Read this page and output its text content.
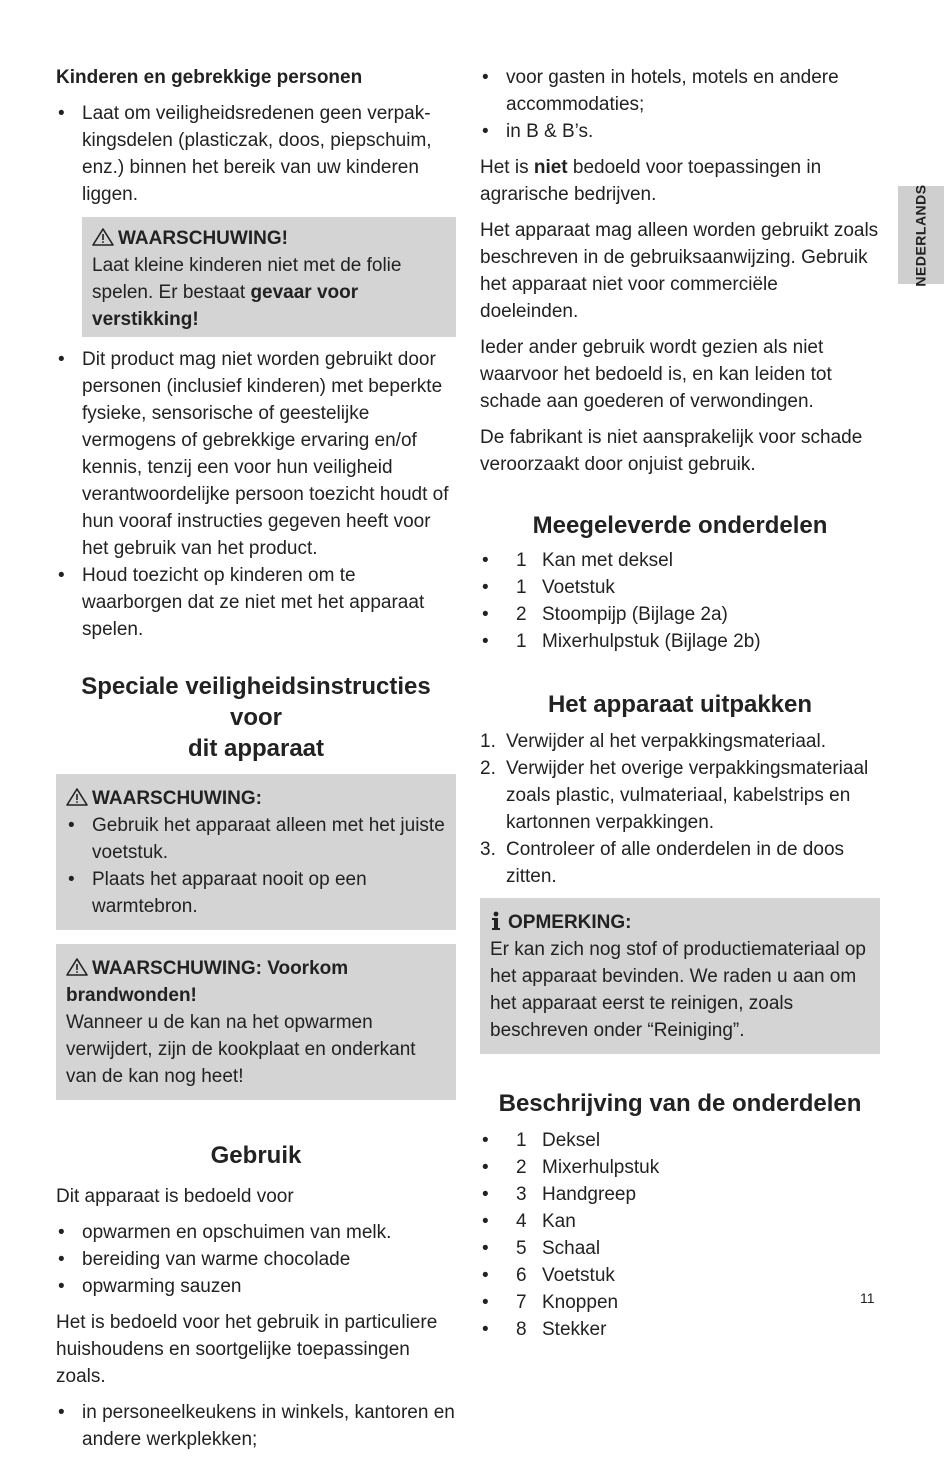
NEDERLANDS
Kinderen en gebrekkige personen
• Laat om veiligheidsredenen geen verpakkingsdelen (plasticzak, doos, piepschuim, enz.) binnen het bereik van uw kinderen liggen.
WAARSCHUWING!
Laat kleine kinderen niet met de folie spelen. Er bestaat gevaar voor verstikking!
• Dit product mag niet worden gebruikt door personen (inclusief kinderen) met beperkte fysieke, sensorische of geestelijke vermogens of gebrekkige ervaring en/of kennis, tenzij een voor hun veiligheid verantwoordelijke persoon toezicht houdt of hun vooraf instructies gegeven heeft voor het gebruik van het product.
• Houd toezicht op kinderen om te waarborgen dat ze niet met het apparaat spelen.
Speciale veiligheidsinstructies voor
dit apparaat
WAARSCHUWING:
• Gebruik het apparaat alleen met het juiste voetstuk.
• Plaats het apparaat nooit op een warmtebron.
WAARSCHUWING: Voorkom brandwonden!
Wanneer u de kan na het opwarmen verwijdert, zijn de kookplaat en onderkant van de kan nog heet!
Gebruik

Dit apparaat is bedoeld voor

• opwarmen en opschuimen van melk.
• bereiding van warme chocolade
• opwarming sauzen

Het is bedoeld voor het gebruik in particuliere huishoudens en soortgelijke toepassingen zoals.

• in personeelkeukens in winkels, kantoren en andere werkplekken;
• voor gasten in hotels, motels en andere accommodaties;
• in B & B’s.

Het is niet bedoeld voor toepassingen in agrarische bedrijven.

Het apparaat mag alleen worden gebruikt zoals beschreven in de gebruiksaanwijzing. Gebruik het apparaat niet voor commerciële doeleinden.

Ieder ander gebruik wordt gezien als niet waarvoor het bedoeld is, en kan leiden tot schade aan goederen of verwondingen.

De fabrikant is niet aansprakelijk voor schade veroorzaakt door onjuist gebruik.

Meegeleverde onderdelen
• 1 Kan met deksel
• 1 Voetstuk
• 2 Stoompijp (Bijlage 2a)
• 1 Mixerhulpstuk (Bijlage 2b)
Het apparaat uitpakken
1. Verwijder al het verpakkingsmateriaal.
2. Verwijder het overige verpakkingsmateriaal zoals plastic, vulmateriaal, kabelstrips en kartonnen verpakkingen.
3. Controleer of alle onderdelen in de doos zitten.
OPMERKING:
Er kan zich nog stof of productiemateriaal op het apparaat bevinden. We raden u aan om het apparaat eerst te reinigen, zoals beschreven onder “Reiniging”.
Beschrijving van de onderdelen
• 1 Deksel
• 2 Mixerhulpstuk
• 3 Handgreep
• 4 Kan
• 5 Schaal
• 6 Voetstuk
• 7 Knoppen
• 8 Stekker
11
